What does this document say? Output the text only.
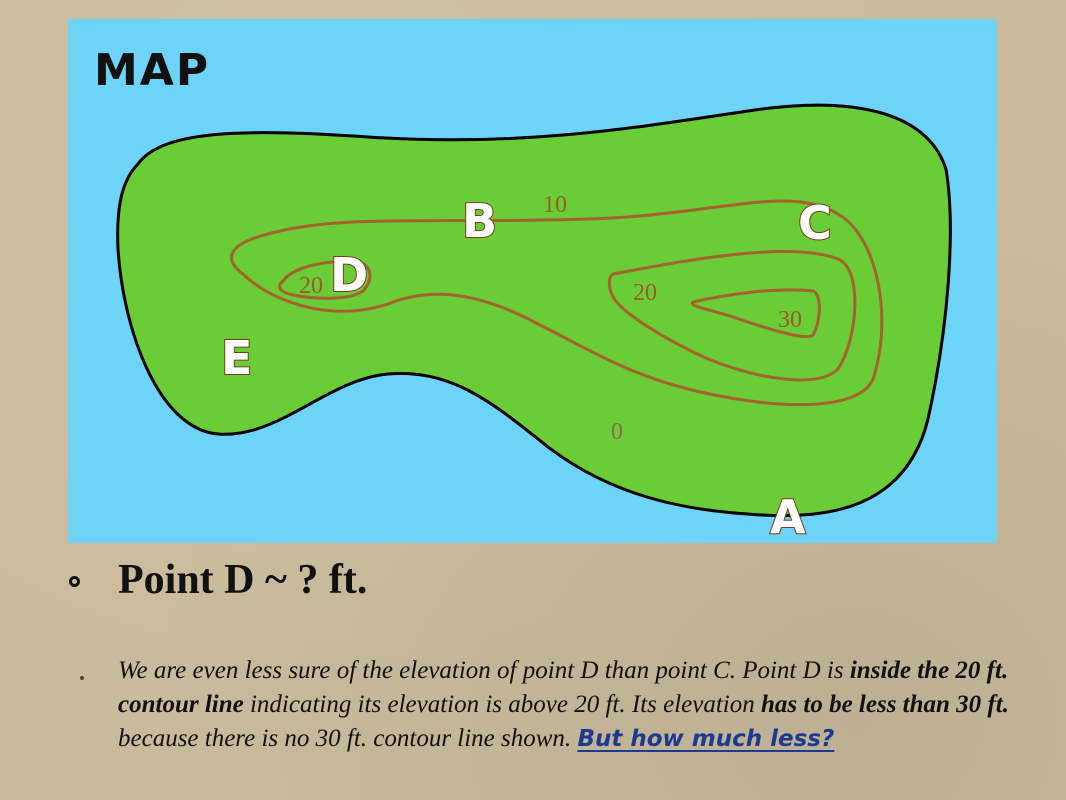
10
20	20
30
0
B	C
D
E
A
MAP
Point D ~ ? ft.
We are even less sure of the elevation of point D than point C. Point D is inside the 20 ft. contour line indicating its elevation is above 20 ft. Its elevation has to be less than 30 ft. because there is no 30 ft. contour line shown. But how much less?
